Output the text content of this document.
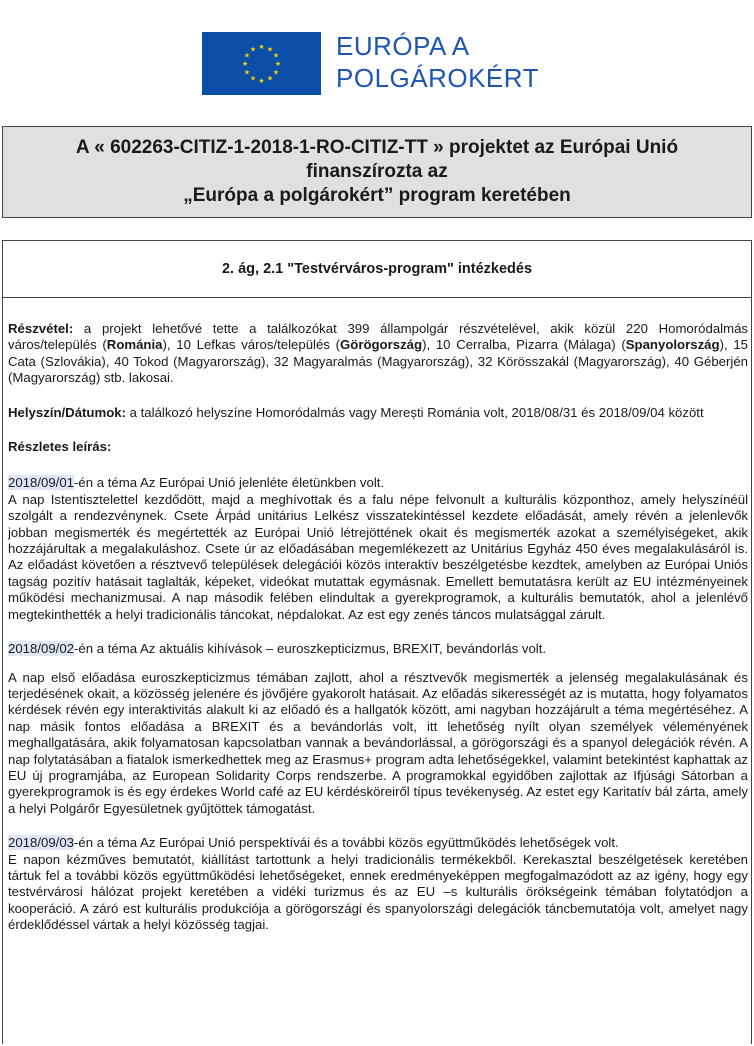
★ ★
★
★
★
★
★
★
★
★
★
★	EURÓPA A
POLGÁROKÉRT
A « 602263-CITIZ-1-2018-1-RO-CITIZ-TT » projektet az Európai Unió
finanszírozta az
„Európa a polgárokért” program keretében
2. ág, 2.1 "Testvérváros-program" intézkedés

Részvétel: a projekt lehetővé tette a találkozókat 399 állampolgár részvételével, akik közül 220 Homoródalmás város/település (Románia), 10 Lefkas város/település (Görögország), 10 Cerralba, Pizarra (Málaga) (Spanyolország), 15 Cata (Szlovákia), 40 Tokod (Magyarország), 32 Magyaralmás (Magyarország), 32 Körösszakál (Magyarország), 40 Géberjén (Magyarország) stb. lakosai.

Helyszín/Dátumok: a találkozó helyszíne Homoródalmás vagy Merești Románia volt, 2018/08/31 és 2018/09/04 között

Részletes leírás:

2018/09/01-én a téma Az Európai Unió jelenléte életünkben volt.

A nap Istentisztelettel kezdődött, majd a meghívottak és a falu népe felvonult a kulturális központhoz, amely helyszínéül szolgált a rendezvénynek. Csete Árpád unitárius Lelkész visszatekintéssel kezdete előadását, amely révén a jelenlevők jobban megismerték és megértették az Európai Unió létrejöttének okait és megismerték azokat a személyiségeket, akik hozzájárultak a megalakuláshoz. Csete úr az előadásában megemlékezett az Unitárius Egyház 450 éves megalakulásáról is. Az előadást követően a résztvevő települések delegációi közös interaktív beszélgetésbe kezdtek, amelyben az Európai Uniós tagság pozitív hatásait taglalták, képeket, videókat mutattak egymásnak. Emellett bemutatásra került az EU intézményeinek működési mechanizmusai. A nap második felében elindultak a gyerekprogramok, a kulturális bemutatók, ahol a jelenlévő megtekinthették a helyi tradicionális táncokat, népdalokat. Az est egy zenés táncos mulatsággal zárult.

2018/09/02-én a téma Az aktuális kihívások – euroszkepticizmus, BREXIT, bevándorlás volt.

A nap első előadása euroszkepticizmus témában zajlott, ahol a résztvevők megismerték a jelenség megalakulásának és terjedésének okait, a közösség jelenére és jövőjére gyakorolt hatásait. Az előadás sikerességét az is mutatta, hogy folyamatos kérdések révén egy interaktivitás alakult ki az előadó és a hallgatók között, ami nagyban hozzájárult a téma megértéséhez. A nap másik fontos előadása a BREXIT és a bevándorlás volt, itt lehetőség nyílt olyan személyek véleményének meghallgatására, akik folyamatosan kapcsolatban vannak a bevándorlással, a görögországi és a spanyol delegációk révén. A nap folytatásában a fiatalok ismerkedhettek meg az Erasmus+ program adta lehetőségekkel, valamint betekintést kaphattak az EU új programjába, az European Solidarity Corps rendszerbe. A programokkal egyidőben zajlottak az Ifjúsági Sátorban a gyerekprogramok is és egy érdekes World café az EU kérdésköreiről típus tevékenység. Az estet egy Karitatív bál zárta, amely a helyi Polgárőr Egyesületnek gyűjtöttek támogatást.

2018/09/03-én a téma Az Európai Unió perspektívái és a további közös együttműködés lehetőségek volt.

E napon kézműves bemutatót, kiállítást tartottunk a helyi tradicionális termékekből. Kerekasztal beszélgetések keretében tártuk fel a további közös együttműködési lehetőségeket, ennek eredményeképpen megfogalmazódott az az igény, hogy egy testvérvárosi hálózat projekt keretében a vidéki turizmus és az EU –s kulturális örökségeink témában folytatódjon a kooperáció. A záró est kulturális produkciója a görögországi és spanyolországi delegációk táncbemutatója volt, amelyet nagy érdeklődéssel vártak a helyi közösség tagjai.
